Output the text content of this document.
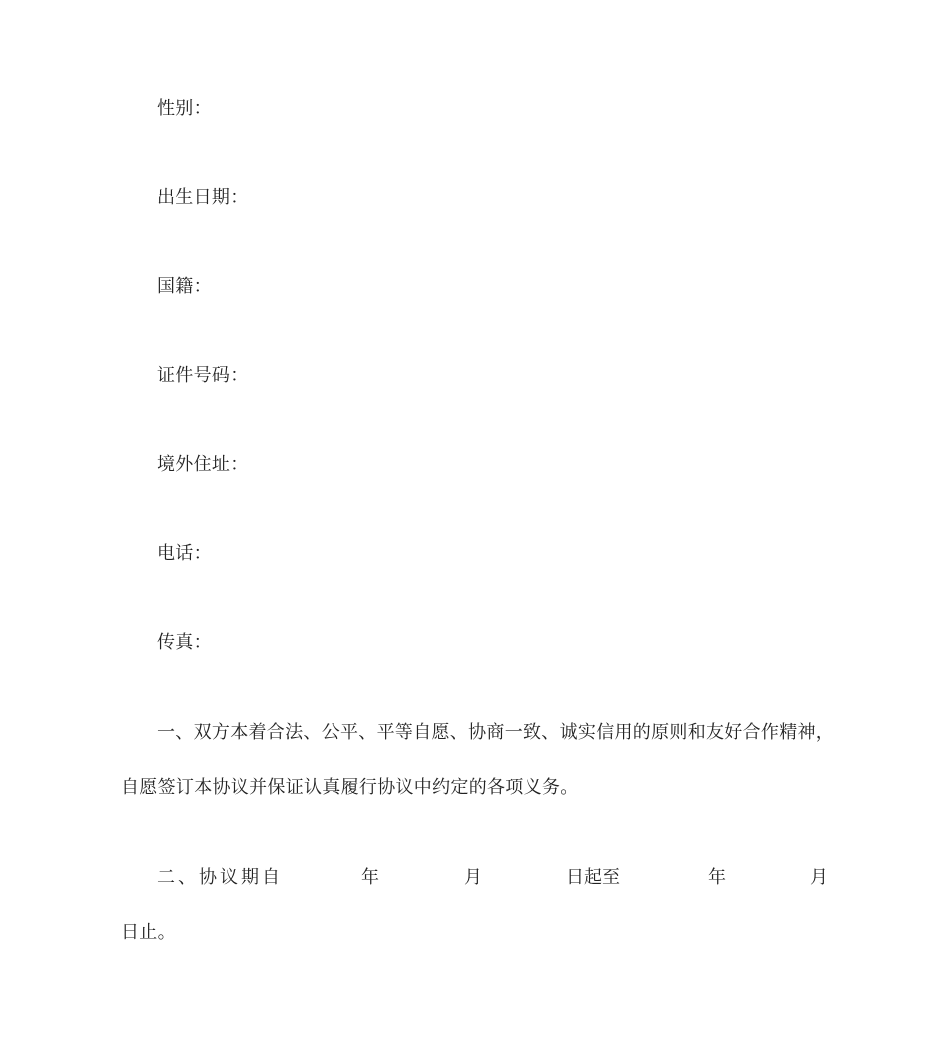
性别：
出生日期：
国籍：
证件号码：
境外住址：
电话：
传真：
一、双方本着合法、公平、平等自愿、协商一致、诚实信用的原则和友好合作精神，
自愿签订本协议并保证认真履行协议中约定的各项义务。
二、协议期自	年	月	日起至	年	月
日止。
